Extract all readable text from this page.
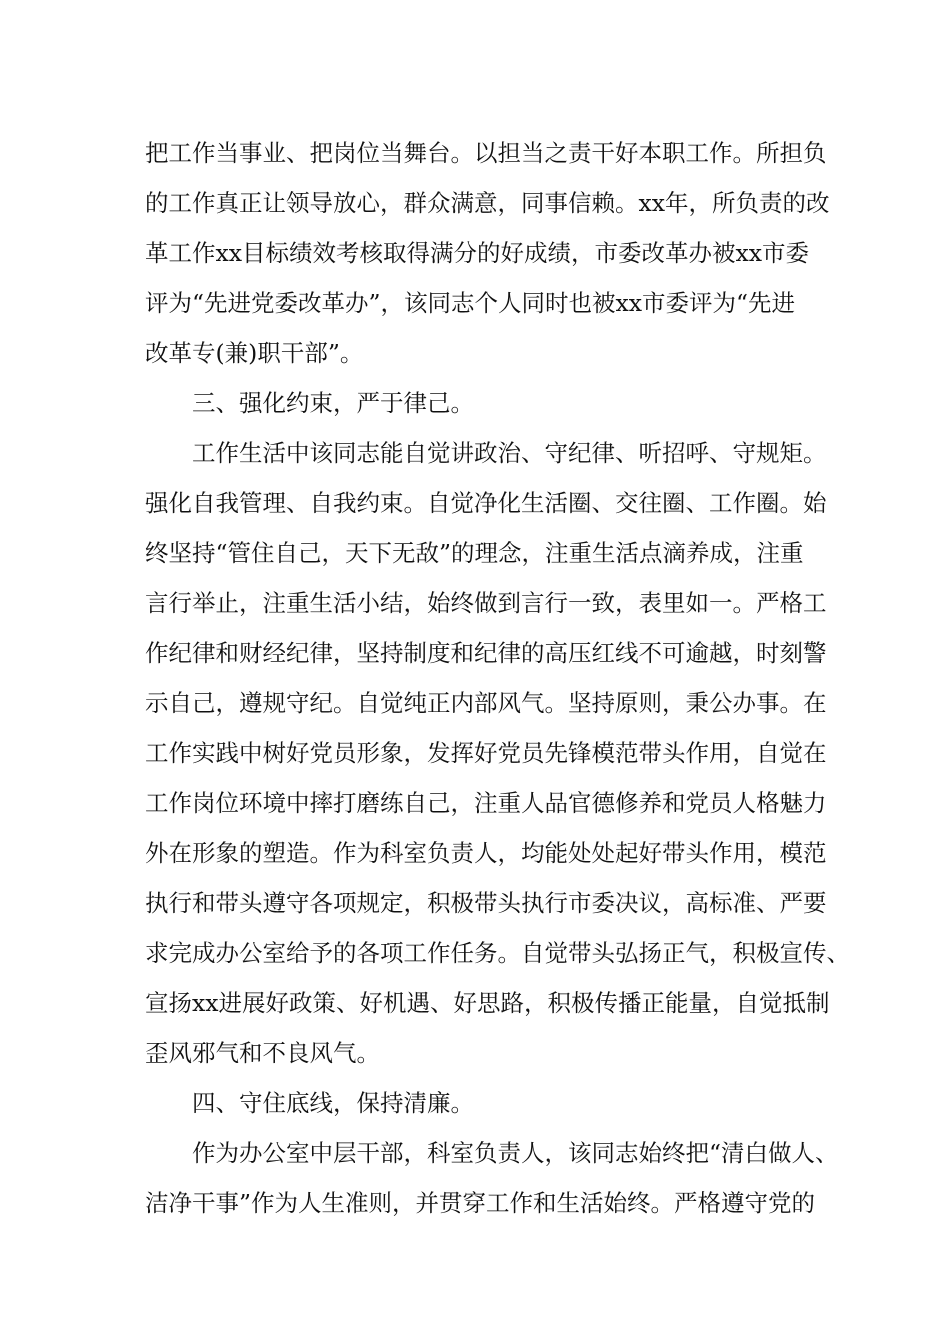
把工作当事业、把岗位当舞台。以担当之责干好本职工作。所担负
的工作真正让领导放心，群众满意，同事信赖。xx年，所负责的改
革工作xx目标绩效考核取得满分的好成绩，市委改革办被xx市委
评为“先进党委改革办”，该同志个人同时也被xx市委评为“先进
改革专(兼)职干部”。
三、强化约束，严于律己。
工作生活中该同志能自觉讲政治、守纪律、听招呼、守规矩。
强化自我管理、自我约束。自觉净化生活圈、交往圈、工作圈。始
终坚持“管住自己，天下无敌”的理念，注重生活点滴养成，注重
言行举止，注重生活小结，始终做到言行一致，表里如一。严格工
作纪律和财经纪律，坚持制度和纪律的高压红线不可逾越，时刻警
示自己，遵规守纪。自觉纯正内部风气。坚持原则，秉公办事。在
工作实践中树好党员形象，发挥好党员先锋模范带头作用，自觉在
工作岗位环境中摔打磨练自己，注重人品官德修养和党员人格魅力
外在形象的塑造。作为科室负责人，均能处处起好带头作用，模范
执行和带头遵守各项规定，积极带头执行市委决议，高标准、严要
求完成办公室给予的各项工作任务。自觉带头弘扬正气，积极宣传、
宣扬xx进展好政策、好机遇、好思路，积极传播正能量，自觉抵制
歪风邪气和不良风气。
四、守住底线，保持清廉。
作为办公室中层干部，科室负责人，该同志始终把“清白做人、
洁净干事”作为人生准则，并贯穿工作和生活始终。严格遵守党的
